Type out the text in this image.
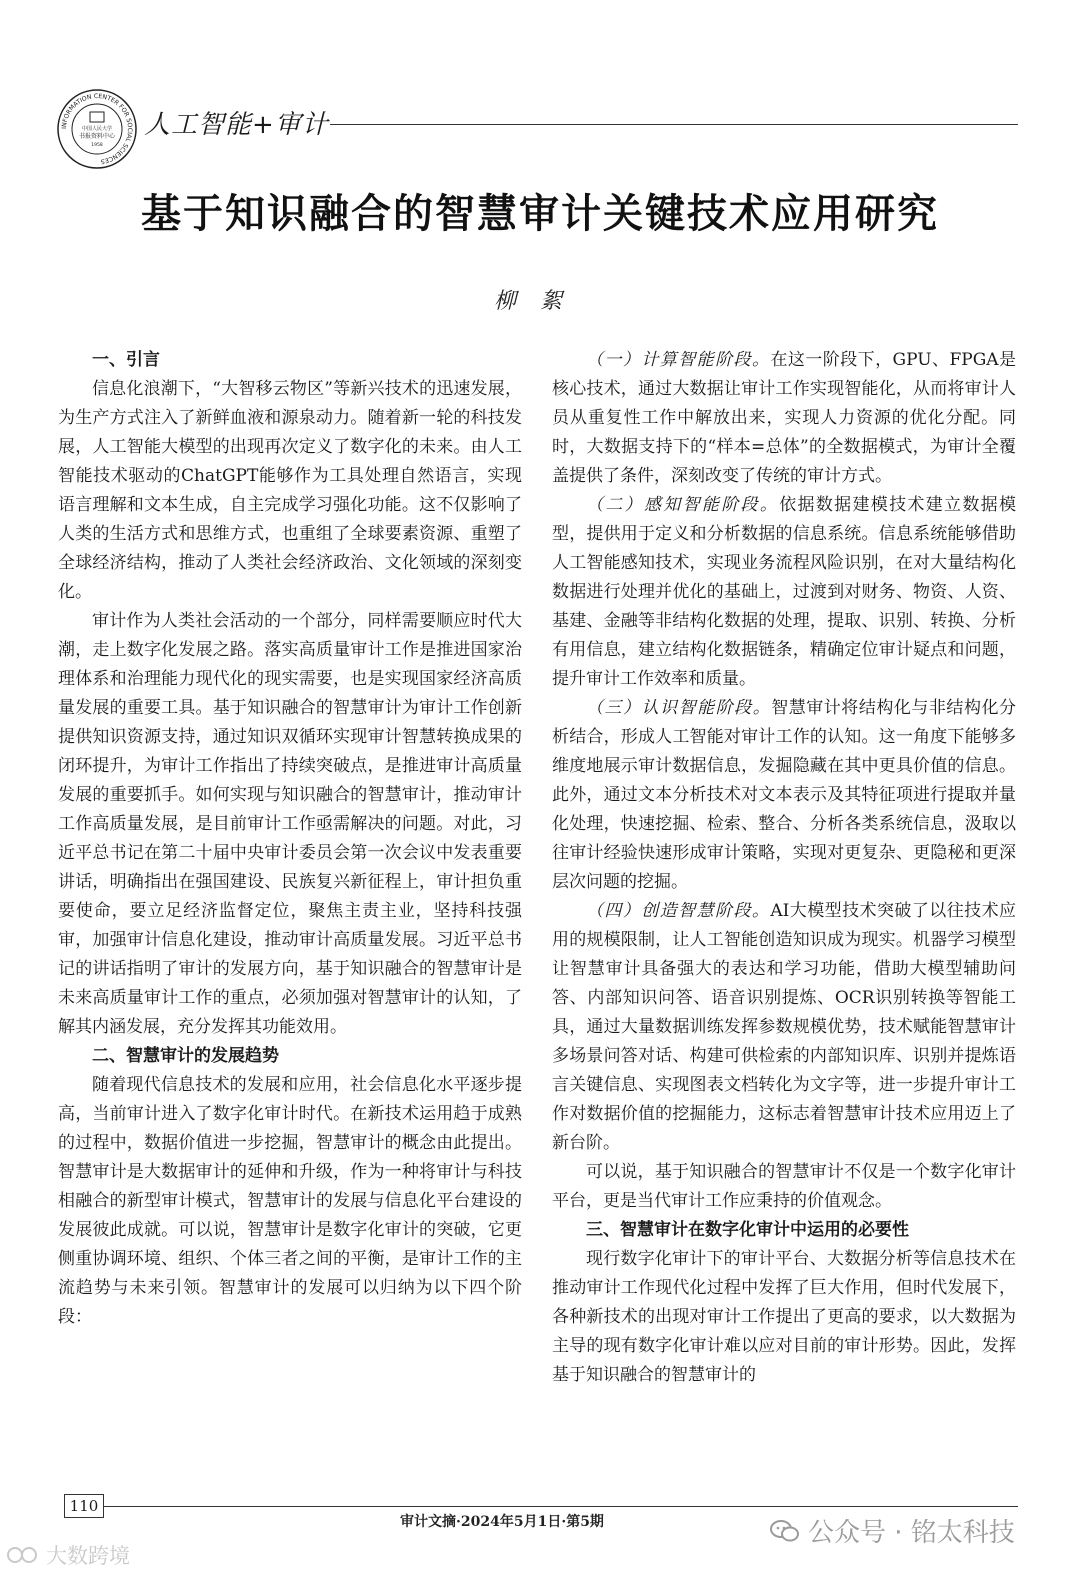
INFORMATION CENTER FOR SOCIAL SCIENCES
中国人民大学
书报资料中心
1958
人工智能+审计
基于知识融合的智慧审计关键技术应用研究
柳絮
一、引言

信息化浪潮下，“大智移云物区”等新兴技术的迅速发展，为生产方式注入了新鲜血液和源泉动力。随着新一轮的科技发展，人工智能大模型的出现再次定义了数字化的未来。由人工智能技术驱动的ChatGPT能够作为工具处理自然语言，实现语言理解和文本生成，自主完成学习强化功能。这不仅影响了人类的生活方式和思维方式，也重组了全球要素资源、重塑了全球经济结构，推动了人类社会经济政治、文化领域的深刻变化。

审计作为人类社会活动的一个部分，同样需要顺应时代大潮，走上数字化发展之路。落实高质量审计工作是推进国家治理体系和治理能力现代化的现实需要，也是实现国家经济高质量发展的重要工具。基于知识融合的智慧审计为审计工作创新提供知识资源支持，通过知识双循环实现审计智慧转换成果的闭环提升，为审计工作指出了持续突破点，是推进审计高质量发展的重要抓手。如何实现与知识融合的智慧审计，推动审计工作高质量发展，是目前审计工作亟需解决的问题。对此，习近平总书记在第二十届中央审计委员会第一次会议中发表重要讲话，明确指出在强国建设、民族复兴新征程上，审计担负重要使命，要立足经济监督定位，聚焦主责主业，坚持科技强审，加强审计信息化建设，推动审计高质量发展。习近平总书记的讲话指明了审计的发展方向，基于知识融合的智慧审计是未来高质量审计工作的重点，必须加强对智慧审计的认知，了解其内涵发展，充分发挥其功能效用。

二、智慧审计的发展趋势

随着现代信息技术的发展和应用，社会信息化水平逐步提高，当前审计进入了数字化审计时代。在新技术运用趋于成熟的过程中，数据价值进一步挖掘，智慧审计的概念由此提出。智慧审计是大数据审计的延伸和升级，作为一种将审计与科技相融合的新型审计模式，智慧审计的发展与信息化平台建设的发展彼此成就。可以说，智慧审计是数字化审计的突破，它更侧重协调环境、组织、个体三者之间的平衡，是审计工作的主流趋势与未来引领。智慧审计的发展可以归纳为以下四个阶段：

（一）计算智能阶段。在这一阶段下，GPU、FPGA是核心技术，通过大数据让审计工作实现智能化，从而将审计人员从重复性工作中解放出来，实现人力资源的优化分配。同时，大数据支持下的“样本=总体”的全数据模式，为审计全覆盖提供了条件，深刻改变了传统的审计方式。

（二）感知智能阶段。依据数据建模技术建立数据模型，提供用于定义和分析数据的信息系统。信息系统能够借助人工智能感知技术，实现业务流程风险识别，在对大量结构化数据进行处理并优化的基础上，过渡到对财务、物资、人资、基建、金融等非结构化数据的处理，提取、识别、转换、分析有用信息，建立结构化数据链条，精确定位审计疑点和问题，提升审计工作效率和质量。

（三）认识智能阶段。智慧审计将结构化与非结构化分析结合，形成人工智能对审计工作的认知。这一角度下能够多维度地展示审计数据信息，发掘隐藏在其中更具价值的信息。此外，通过文本分析技术对文本表示及其特征项进行提取并量化处理，快速挖掘、检索、整合、分析各类系统信息，汲取以往审计经验快速形成审计策略，实现对更复杂、更隐秘和更深层次问题的挖掘。

（四）创造智慧阶段。AI大模型技术突破了以往技术应用的规模限制，让人工智能创造知识成为现实。机器学习模型让智慧审计具备强大的表达和学习功能，借助大模型辅助问答、内部知识问答、语音识别提炼、OCR识别转换等智能工具，通过大量数据训练发挥参数规模优势，技术赋能智慧审计多场景问答对话、构建可供检索的内部知识库、识别并提炼语言关键信息、实现图表文档转化为文字等，进一步提升审计工作对数据价值的挖掘能力，这标志着智慧审计技术应用迈上了新台阶。

可以说，基于知识融合的智慧审计不仅是一个数字化审计平台，更是当代审计工作应秉持的价值观念。

三、智慧审计在数字化审计中运用的必要性

现行数字化审计下的审计平台、大数据分析等信息技术在推动审计工作现代化过程中发挥了巨大作用，但时代发展下，各种新技术的出现对审计工作提出了更高的要求，以大数据为主导的现有数字化审计难以应对目前的审计形势。因此，发挥基于知识融合的智慧审计的

110
审计文摘·2024年5月1日·第5期	公众号 · 铭太科技
大数跨境
